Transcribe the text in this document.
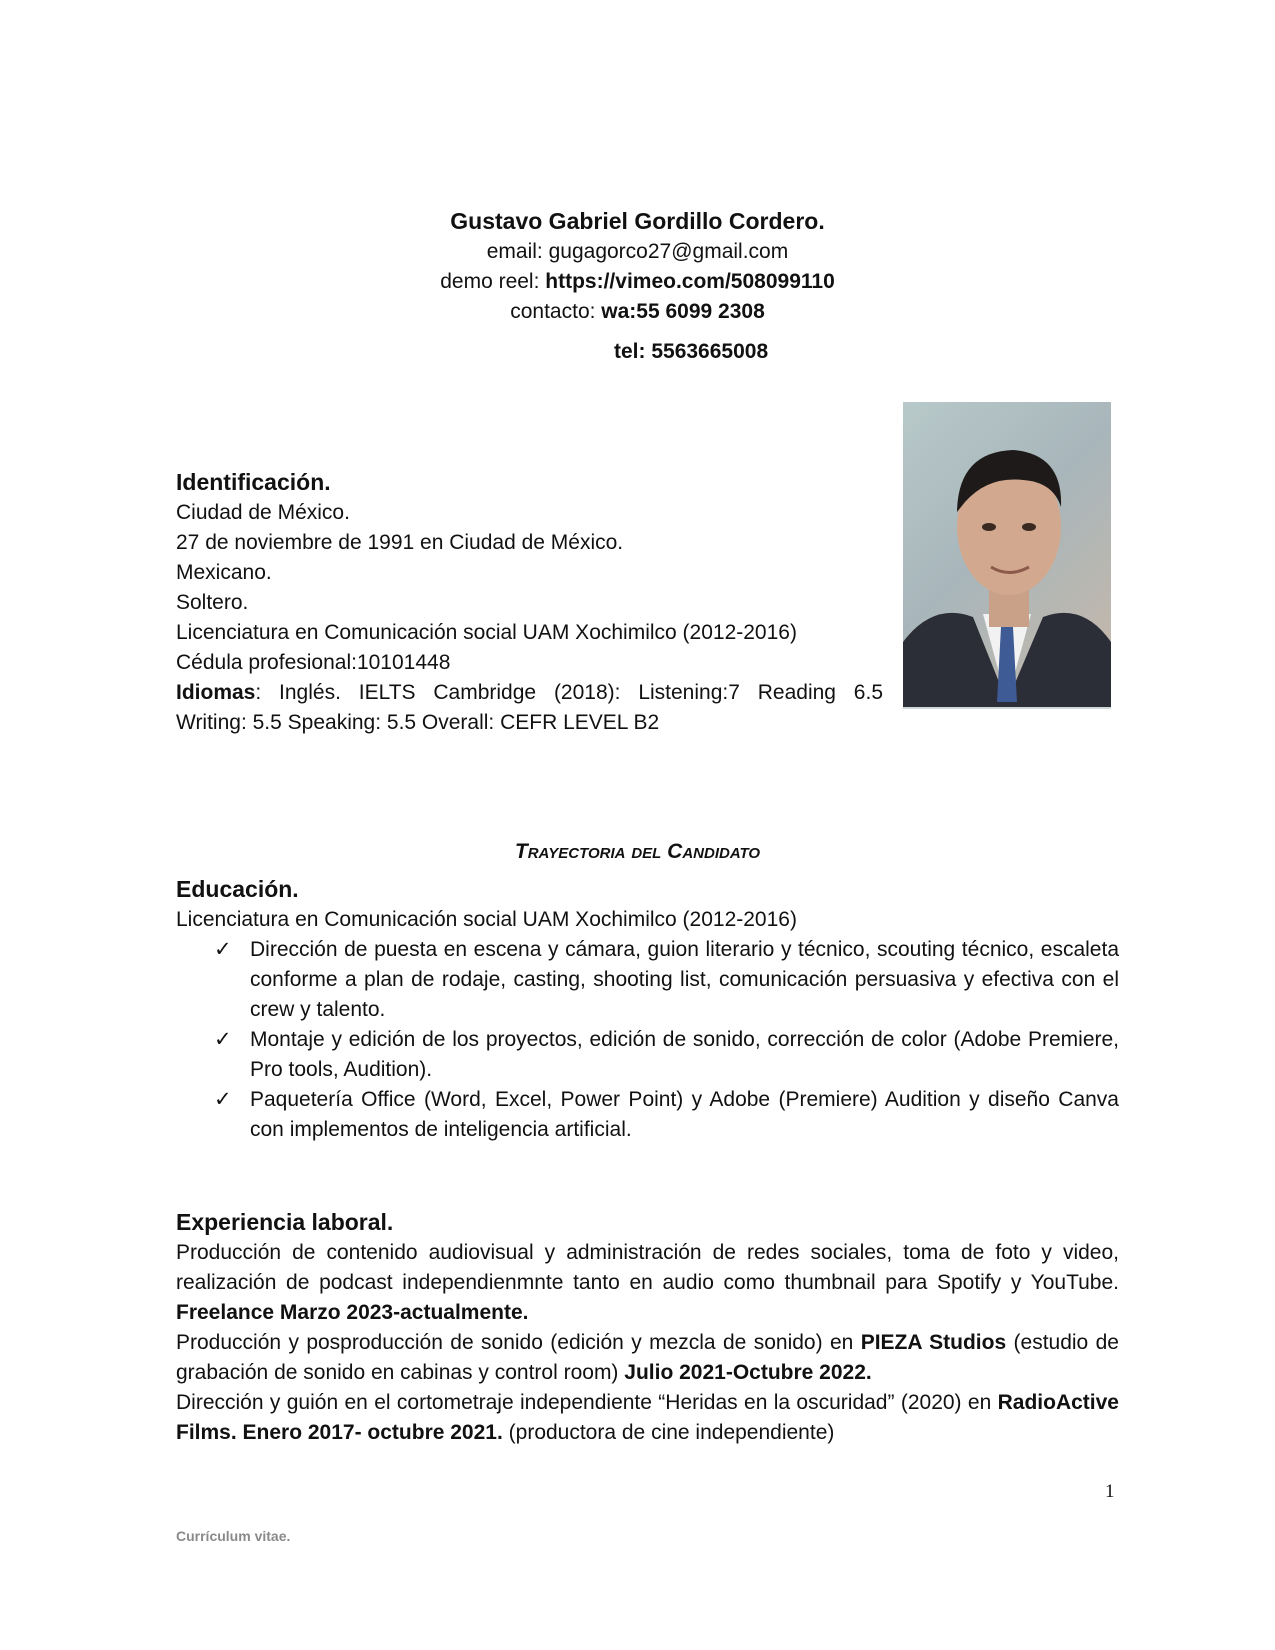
Gustavo Gabriel Gordillo Cordero.
email: gugagorco27@gmail.com
demo reel: https://vimeo.com/508099110
contacto: wa:55 6099 2308
tel: 5563665008
Identificación.
Ciudad de México.
27 de noviembre de 1991 en Ciudad de México.
Mexicano.
Soltero.
Licenciatura en Comunicación social UAM Xochimilco (2012-2016)
Cédula profesional:10101448
Idiomas: Inglés. IELTS Cambridge (2018): Listening:7 Reading 6.5
Writing: 5.5 Speaking: 5.5 Overall: CEFR LEVEL B2
Trayectoria del Candidato
Educación.
Licenciatura en Comunicación social UAM Xochimilco (2012-2016)
✓ Dirección de puesta en escena y cámara, guion literario y técnico, scouting técnico, escaleta conforme a plan de rodaje, casting, shooting list, comunicación persuasiva y efectiva con el crew y talento.
✓ Montaje y edición de los proyectos, edición de sonido, corrección de color (Adobe Premiere, Pro tools, Audition).
✓ Paquetería Office (Word, Excel, Power Point) y Adobe (Premiere) Audition y diseño Canva con implementos de inteligencia artificial.
Experiencia laboral.
Producción de contenido audiovisual y administración de redes sociales, toma de foto y video, realización de podcast independienmnte tanto en audio como thumbnail para Spotify y YouTube. Freelance Marzo 2023-actualmente.
Producción y posproducción de sonido (edición y mezcla de sonido) en PIEZA Studios (estudio de grabación de sonido en cabinas y control room) Julio 2021-Octubre 2022.
Dirección y guión en el cortometraje independiente “Heridas en la oscuridad” (2020) en RadioActive Films. Enero 2017- octubre 2021. (productora de cine independiente)
1
Currículum vitae.
